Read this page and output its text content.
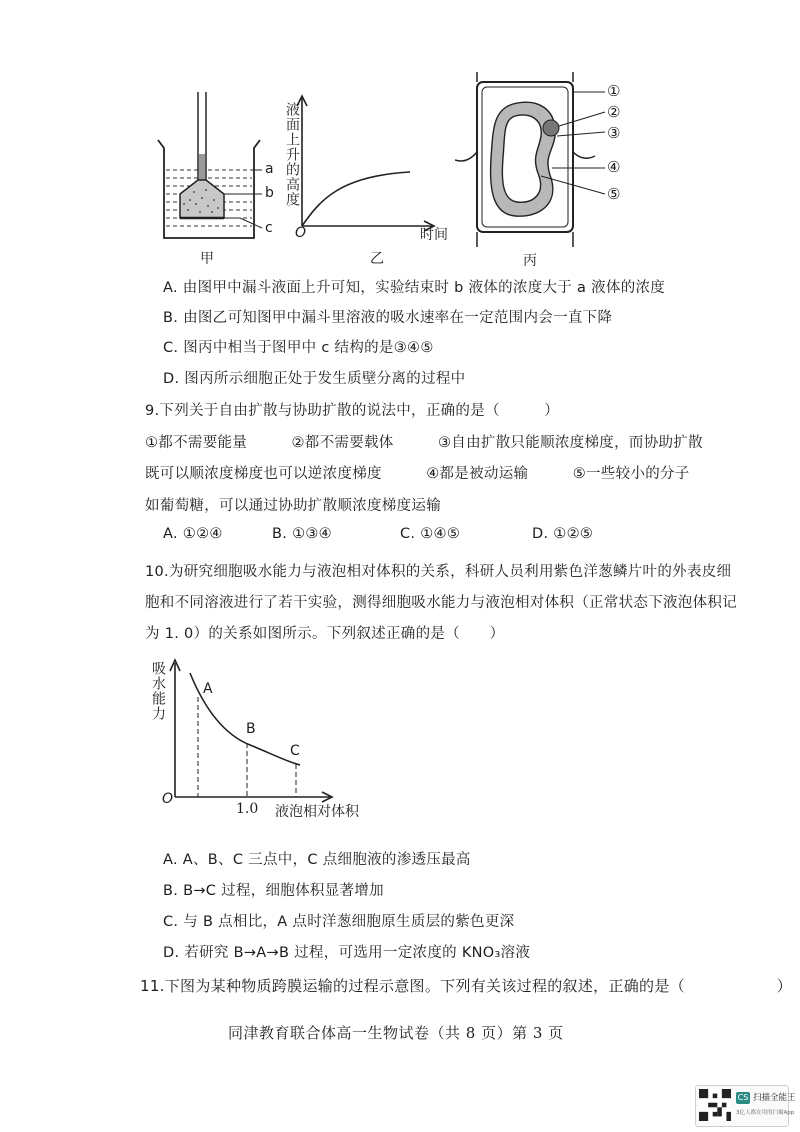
a
b
c
甲
液面上升的高度
O	时间
乙
①
②
③
④
⑤
丙
A. 由图甲中漏斗液面上升可知，实验结束时 b 液体的浓度大于 a 液体的浓度
B. 由图乙可知图甲中漏斗里溶液的吸水速率在一定范围内会一直下降
C. 图丙中相当于图甲中 c 结构的是③④⑤
D. 图丙所示细胞正处于发生质壁分离的过程中
9.下列关于自由扩散与协助扩散的说法中，正确的是（　　　）
①都不需要能量　　　②都不需要载体　　　③自由扩散只能顺浓度梯度，而协助扩散
既可以顺浓度梯度也可以逆浓度梯度　　　④都是被动运输　　　⑤一些较小的分子
如葡萄糖，可以通过协助扩散顺浓度梯度运输
A. ①②④	B. ①③④	C. ①④⑤	D. ①②⑤
10.为研究细胞吸水能力与液泡相对体积的关系，科研人员利用紫色洋葱鳞片叶的外表皮细
胞和不同溶液进行了若干实验，测得细胞吸水能力与液泡相对体积（正常状态下液泡体积记
为 1. 0）的关系如图所示。下列叙述正确的是（　　）
吸水能力	A
B
C
O
1.0 液泡相对体积
A. A、B、C 三点中，C 点细胞液的渗透压最高
B. B→C 过程，细胞体积显著增加
C. 与 B 点相比，A 点时洋葱细胞原生质层的紫色更深
D. 若研究 B→A→B 过程，可选用一定浓度的 KNO₃溶液
11.下图为某种物质跨膜运输的过程示意图。下列有关该过程的叙述，正确的是（　　　　　　）
同津教育联合体高一生物试卷（共 8 页）第 3 页
CS 扫描全能王
3亿人都在用的扫描App
